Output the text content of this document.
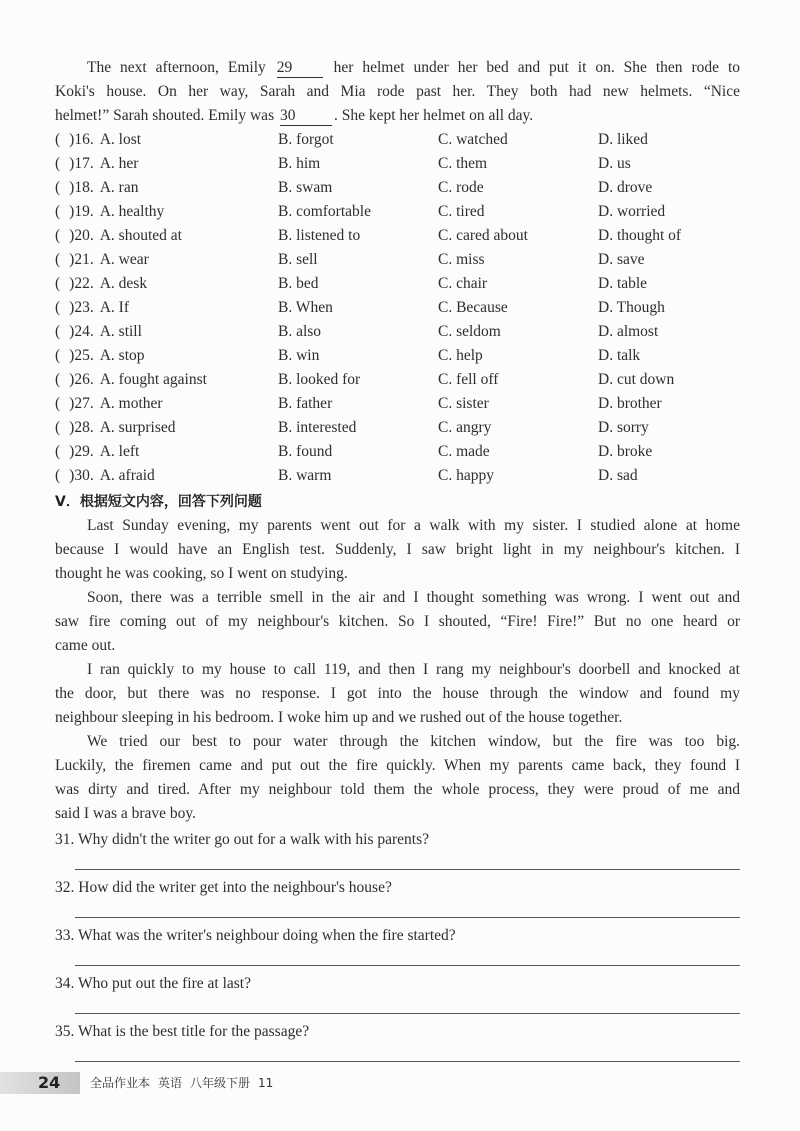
The next afternoon, Emily 29 her helmet under her bed and put it on. She then rode to
Koki's house. On her way, Sarah and Mia rode past her. They both had new helmets. “Nice
helmet!” Sarah shouted. Emily was 30 . She kept her helmet on all day.
( )16. A. lost	B. forgot	C. watched	D. liked
( )17. A. her	B. him	C. them	D. us
( )18. A. ran	B. swam	C. rode	D. drove
( )19. A. healthy	B. comfortable	C. tired	D. worried
( )20. A. shouted at	B. listened to	C. cared about	D. thought of
( )21. A. wear	B. sell	C. miss	D. save
( )22. A. desk	B. bed	C. chair	D. table
( )23. A. If	B. When	C. Because	D. Though
( )24. A. still	B. also	C. seldom	D. almost
( )25. A. stop	B. win	C. help	D. talk
( )26. A. fought against	B. looked for	C. fell off	D. cut down
( )27. A. mother	B. father	C. sister	D. brother
( )28. A. surprised	B. interested	C. angry	D. sorry
( )29. A. left	B. found	C. made	D. broke
( )30. A. afraid	B. warm	C. happy	D. sad
Ⅴ．根据短文内容，回答下列问题
Last Sunday evening, my parents went out for a walk with my sister. I studied alone at home
because I would have an English test. Suddenly, I saw bright light in my neighbour's kitchen. I
thought he was cooking, so I went on studying.
Soon, there was a terrible smell in the air and I thought something was wrong. I went out and
saw fire coming out of my neighbour's kitchen. So I shouted, “Fire! Fire!” But no one heard or
came out.
I ran quickly to my house to call 119, and then I rang my neighbour's doorbell and knocked at
the door, but there was no response. I got into the house through the window and found my
neighbour sleeping in his bedroom. I woke him up and we rushed out of the house together.
We tried our best to pour water through the kitchen window, but the fire was too big.
Luckily, the firemen came and put out the fire quickly. When my parents came back, they found I
was dirty and tired. After my neighbour told them the whole process, they were proud of me and
said I was a brave boy.
31. Why didn't the writer go out for a walk with his parents?
32. How did the writer get into the neighbour's house?
33. What was the writer's neighbour doing when the fire started?
34. Who put out the fire at last?
35. What is the best title for the passage?
24 全品作业本 英语 八年级下册 11
